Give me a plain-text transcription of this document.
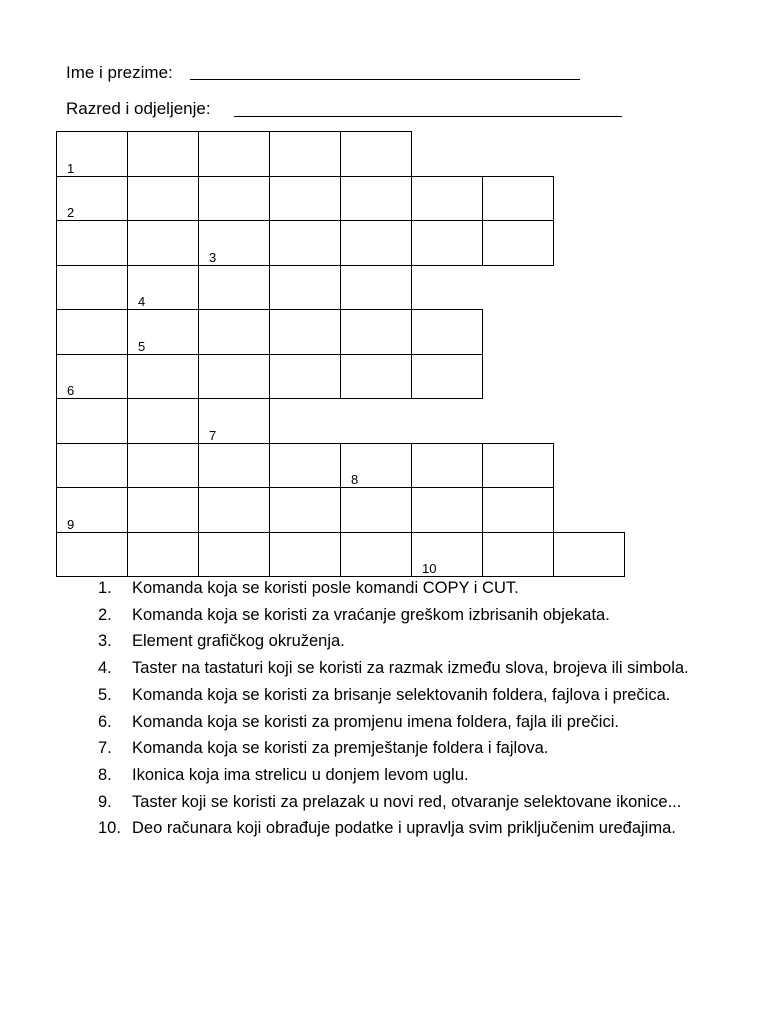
Ime i prezime:
Razred i odjeljenje:
1
2
3
4
5
6
7
8
9
10
1. Komanda koja se koristi posle komandi COPY i CUT.
2. Komanda koja se koristi za vraćanje greškom izbrisanih objekata.
3. Element grafičkog okruženja.
4. Taster na tastaturi koji se koristi za razmak između slova, brojeva ili simbola.
5. Komanda koja se koristi za brisanje selektovanih foldera, fajlova i prečica.
6. Komanda koja se koristi za promjenu imena foldera, fajla ili prečici.
7. Komanda koja se koristi za premještanje foldera i fajlova.
8. Ikonica koja ima strelicu u donjem levom uglu.
9. Taster koji se koristi za prelazak u novi red, otvaranje selektovane ikonice...
10. Deo računara koji obrađuje podatke i upravlja svim priključenim uređajima.
